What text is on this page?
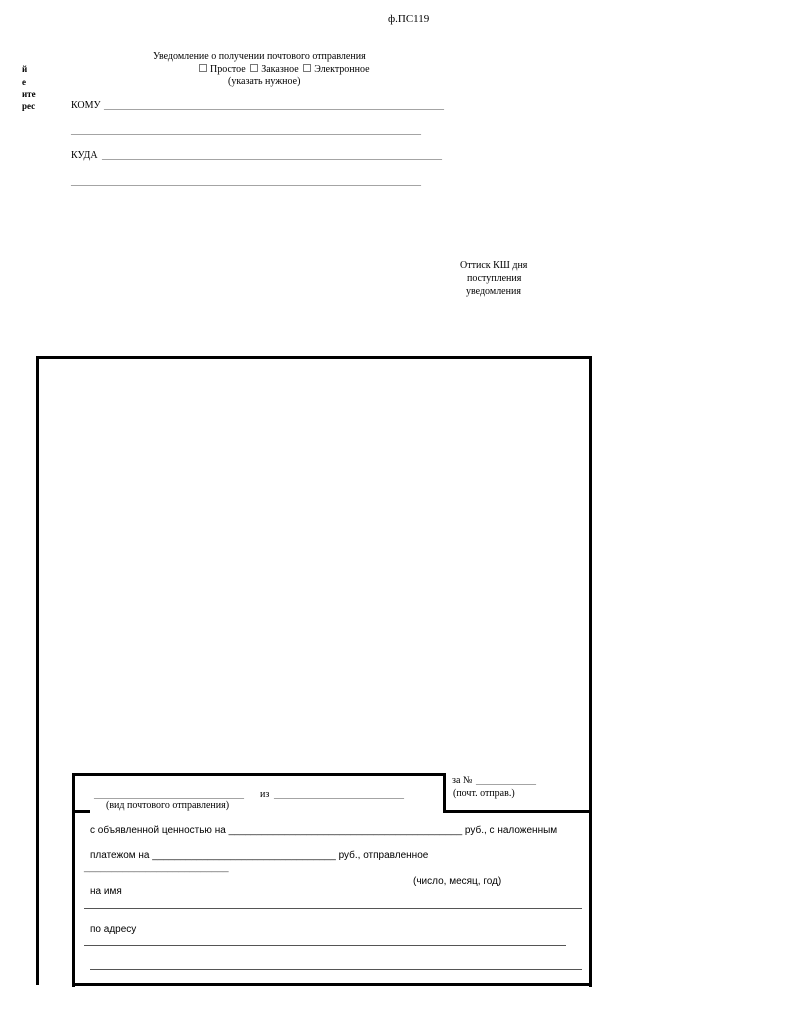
ф.ПС119
й
е
ите
рес
Уведомление о получении почтового отправления
Простое Заказное Электронное
(указать нужное)
КОМУ ____________________________________________________________________
______________________________________________________________________
КУДА ____________________________________________________________________
______________________________________________________________________
Оттиск КШ дня
поступления
уведомления
______________________________ из __________________________
(вид почтового отправления)
за № ____________
(почт. отправ.)
с объявленной ценностью на __________________________________________ руб., с наложенным
платежом на _________________________________ руб., отправленное
__________________________
(число, месяц, год)
на имя
по адресу
